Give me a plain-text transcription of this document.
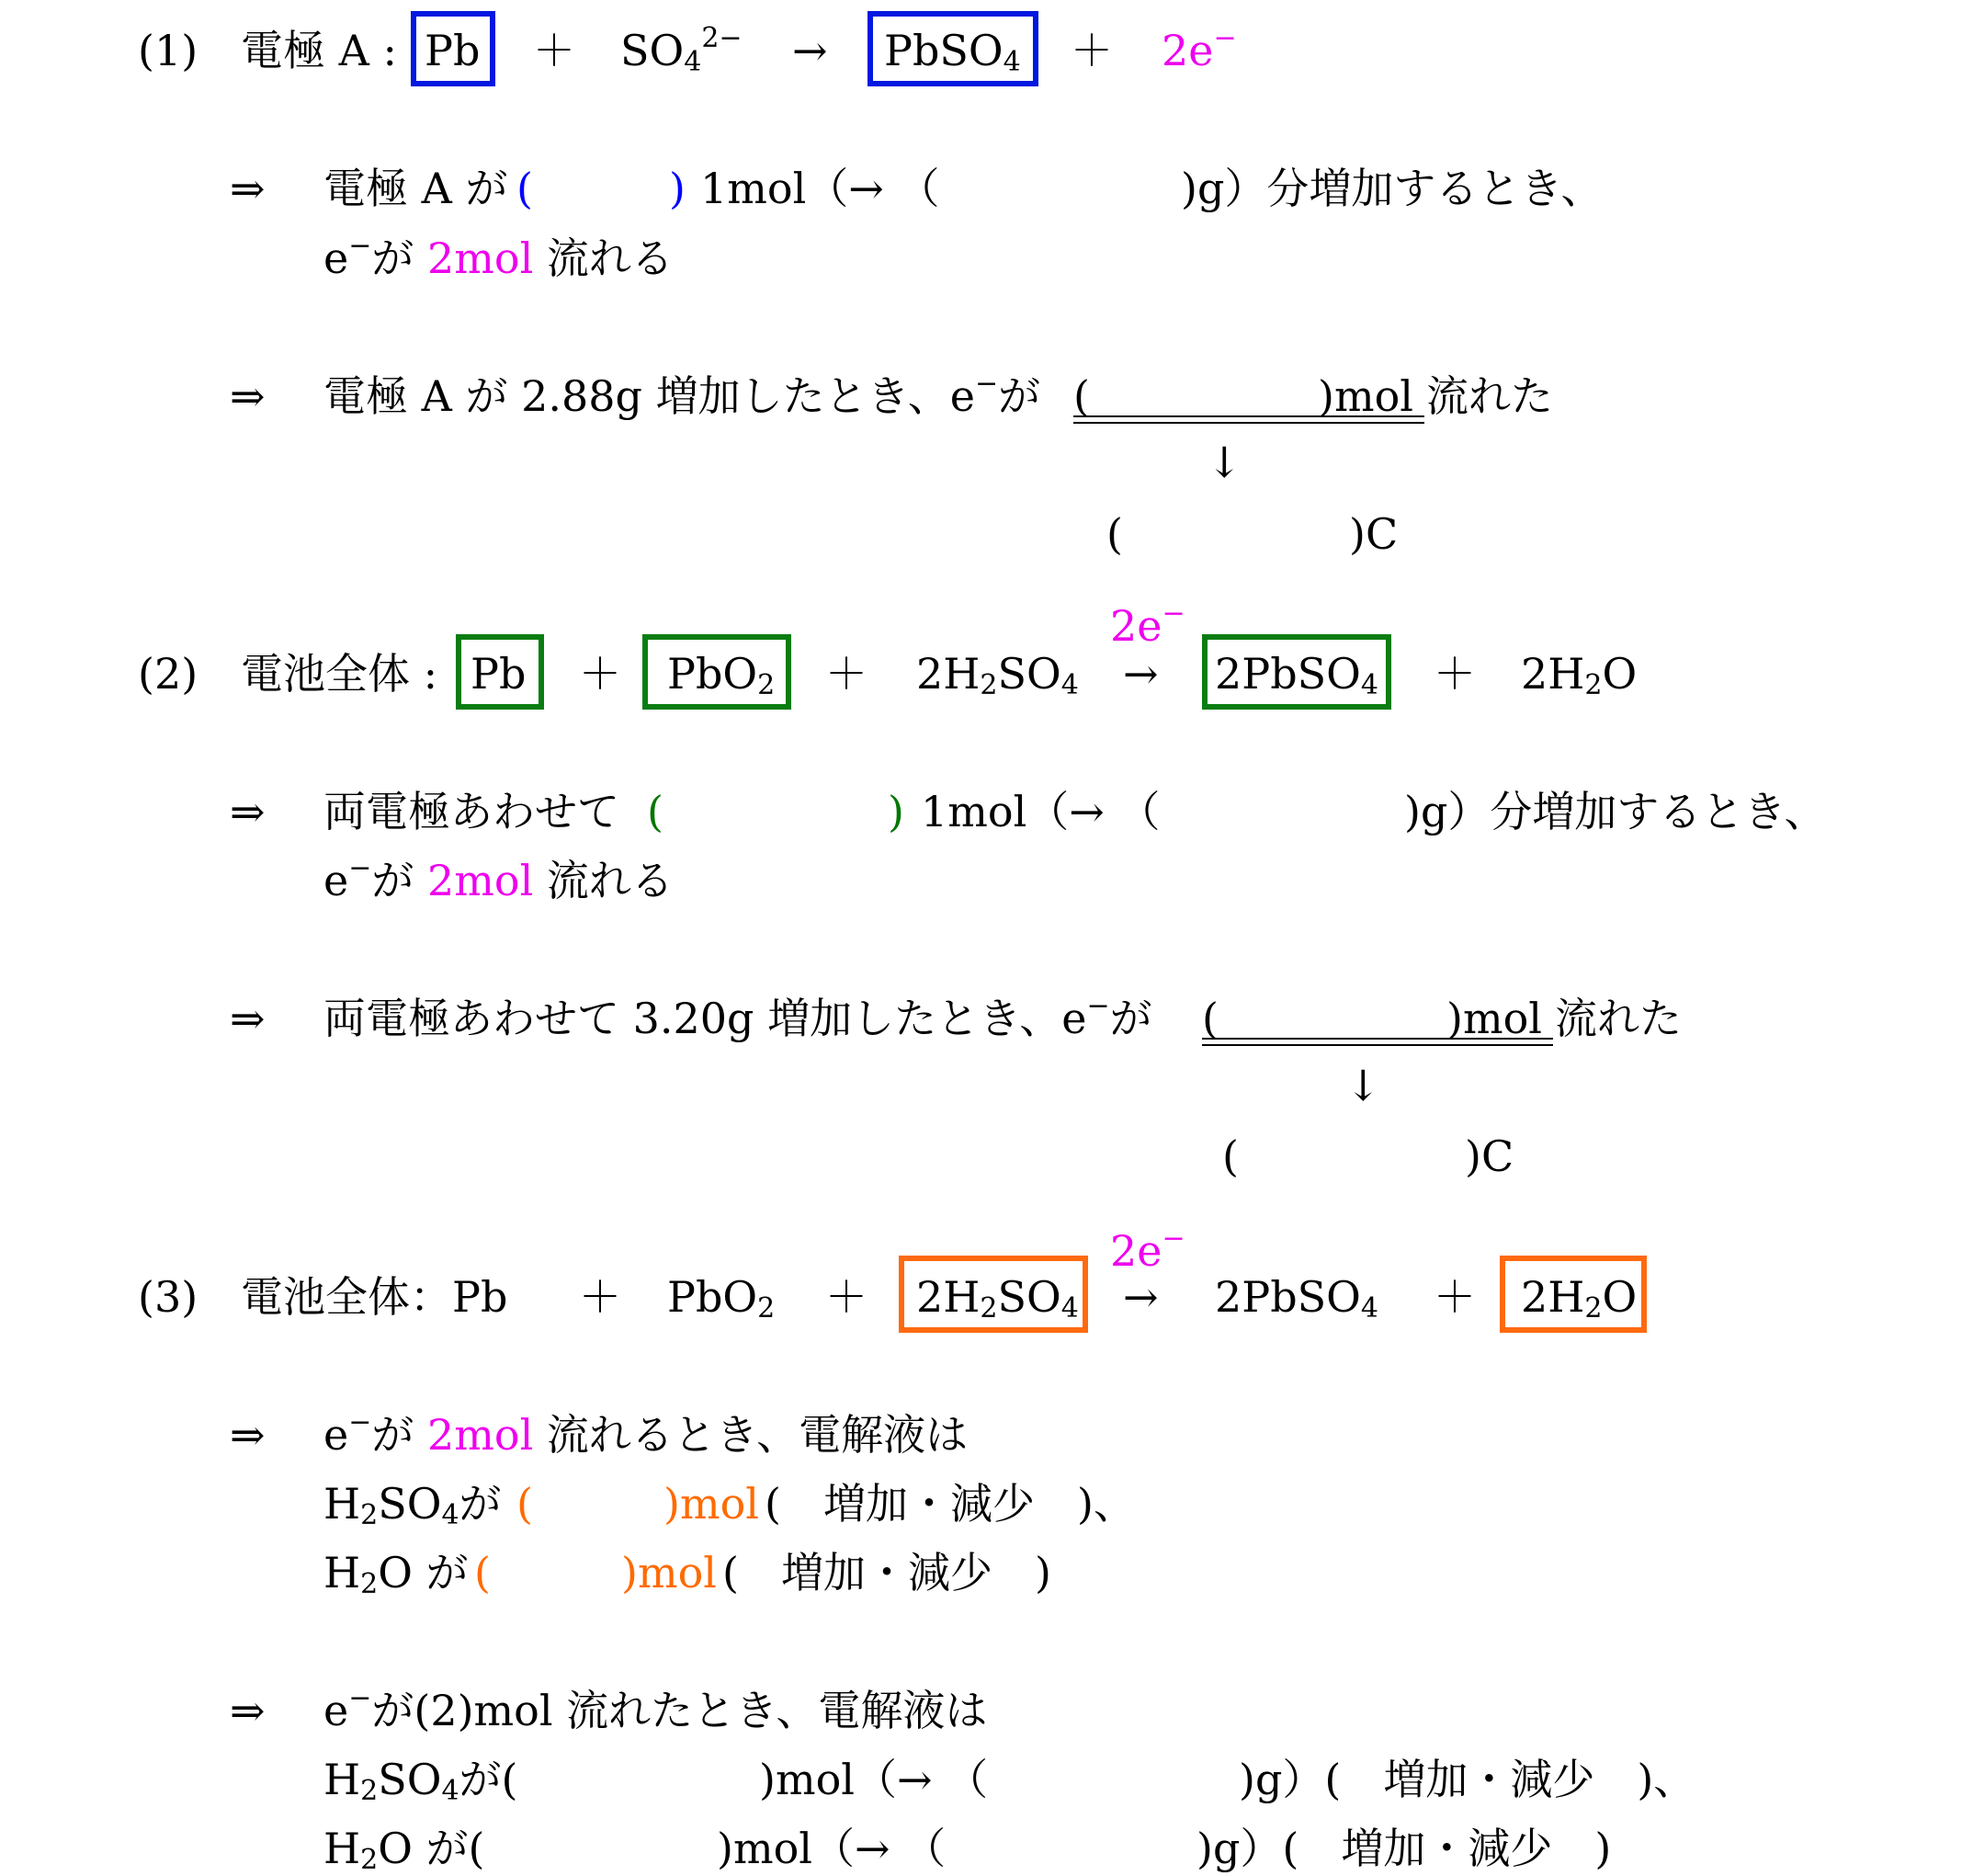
(1) 電極 A : $Pb + SO_4^{2-}$ → PbSO$_4$ ＋ 2e−
⇒ 電極 A が (	) 1mol（→ （	)g）分増加するとき、
e−が 2mol 流れる
⇒ 電極 A が 2.88g 増加したとき、e−が (	)mol 流れた
↓
(	)C
2e−
(2) 電池全体 : $Pb + PbO_2 + 2H_2SO_4$ → 2PbSO$_4$ ＋ $2H_2O$
⇒ 両電極あわせて (	) 1mol（→ （	)g）分増加するとき、
e−が 2mol 流れる
⇒ 両電極あわせて 3.20g 増加したとき、e−が (	)mol 流れた
↓
(	)C
2e−
(3) 電池全体：$Pb + PbO_2 + 2H_2SO_4$ → 2PbSO$_4$ ＋ $2H_2O$
⇒ e−が 2mol 流れるとき、電解液は
$H_2SO_4$が (	)mol (　増加・減少　)、
$H_2O$ が (	)mol (　増加・減少　)
⇒ e−が(2)mol 流れたとき、電解液は
$H_2SO_4$が(	)mol（→ （	)g）(　増加・減少　)、
$H_2O$ が(	)mol（→ （	)g）(　増加・減少　)
